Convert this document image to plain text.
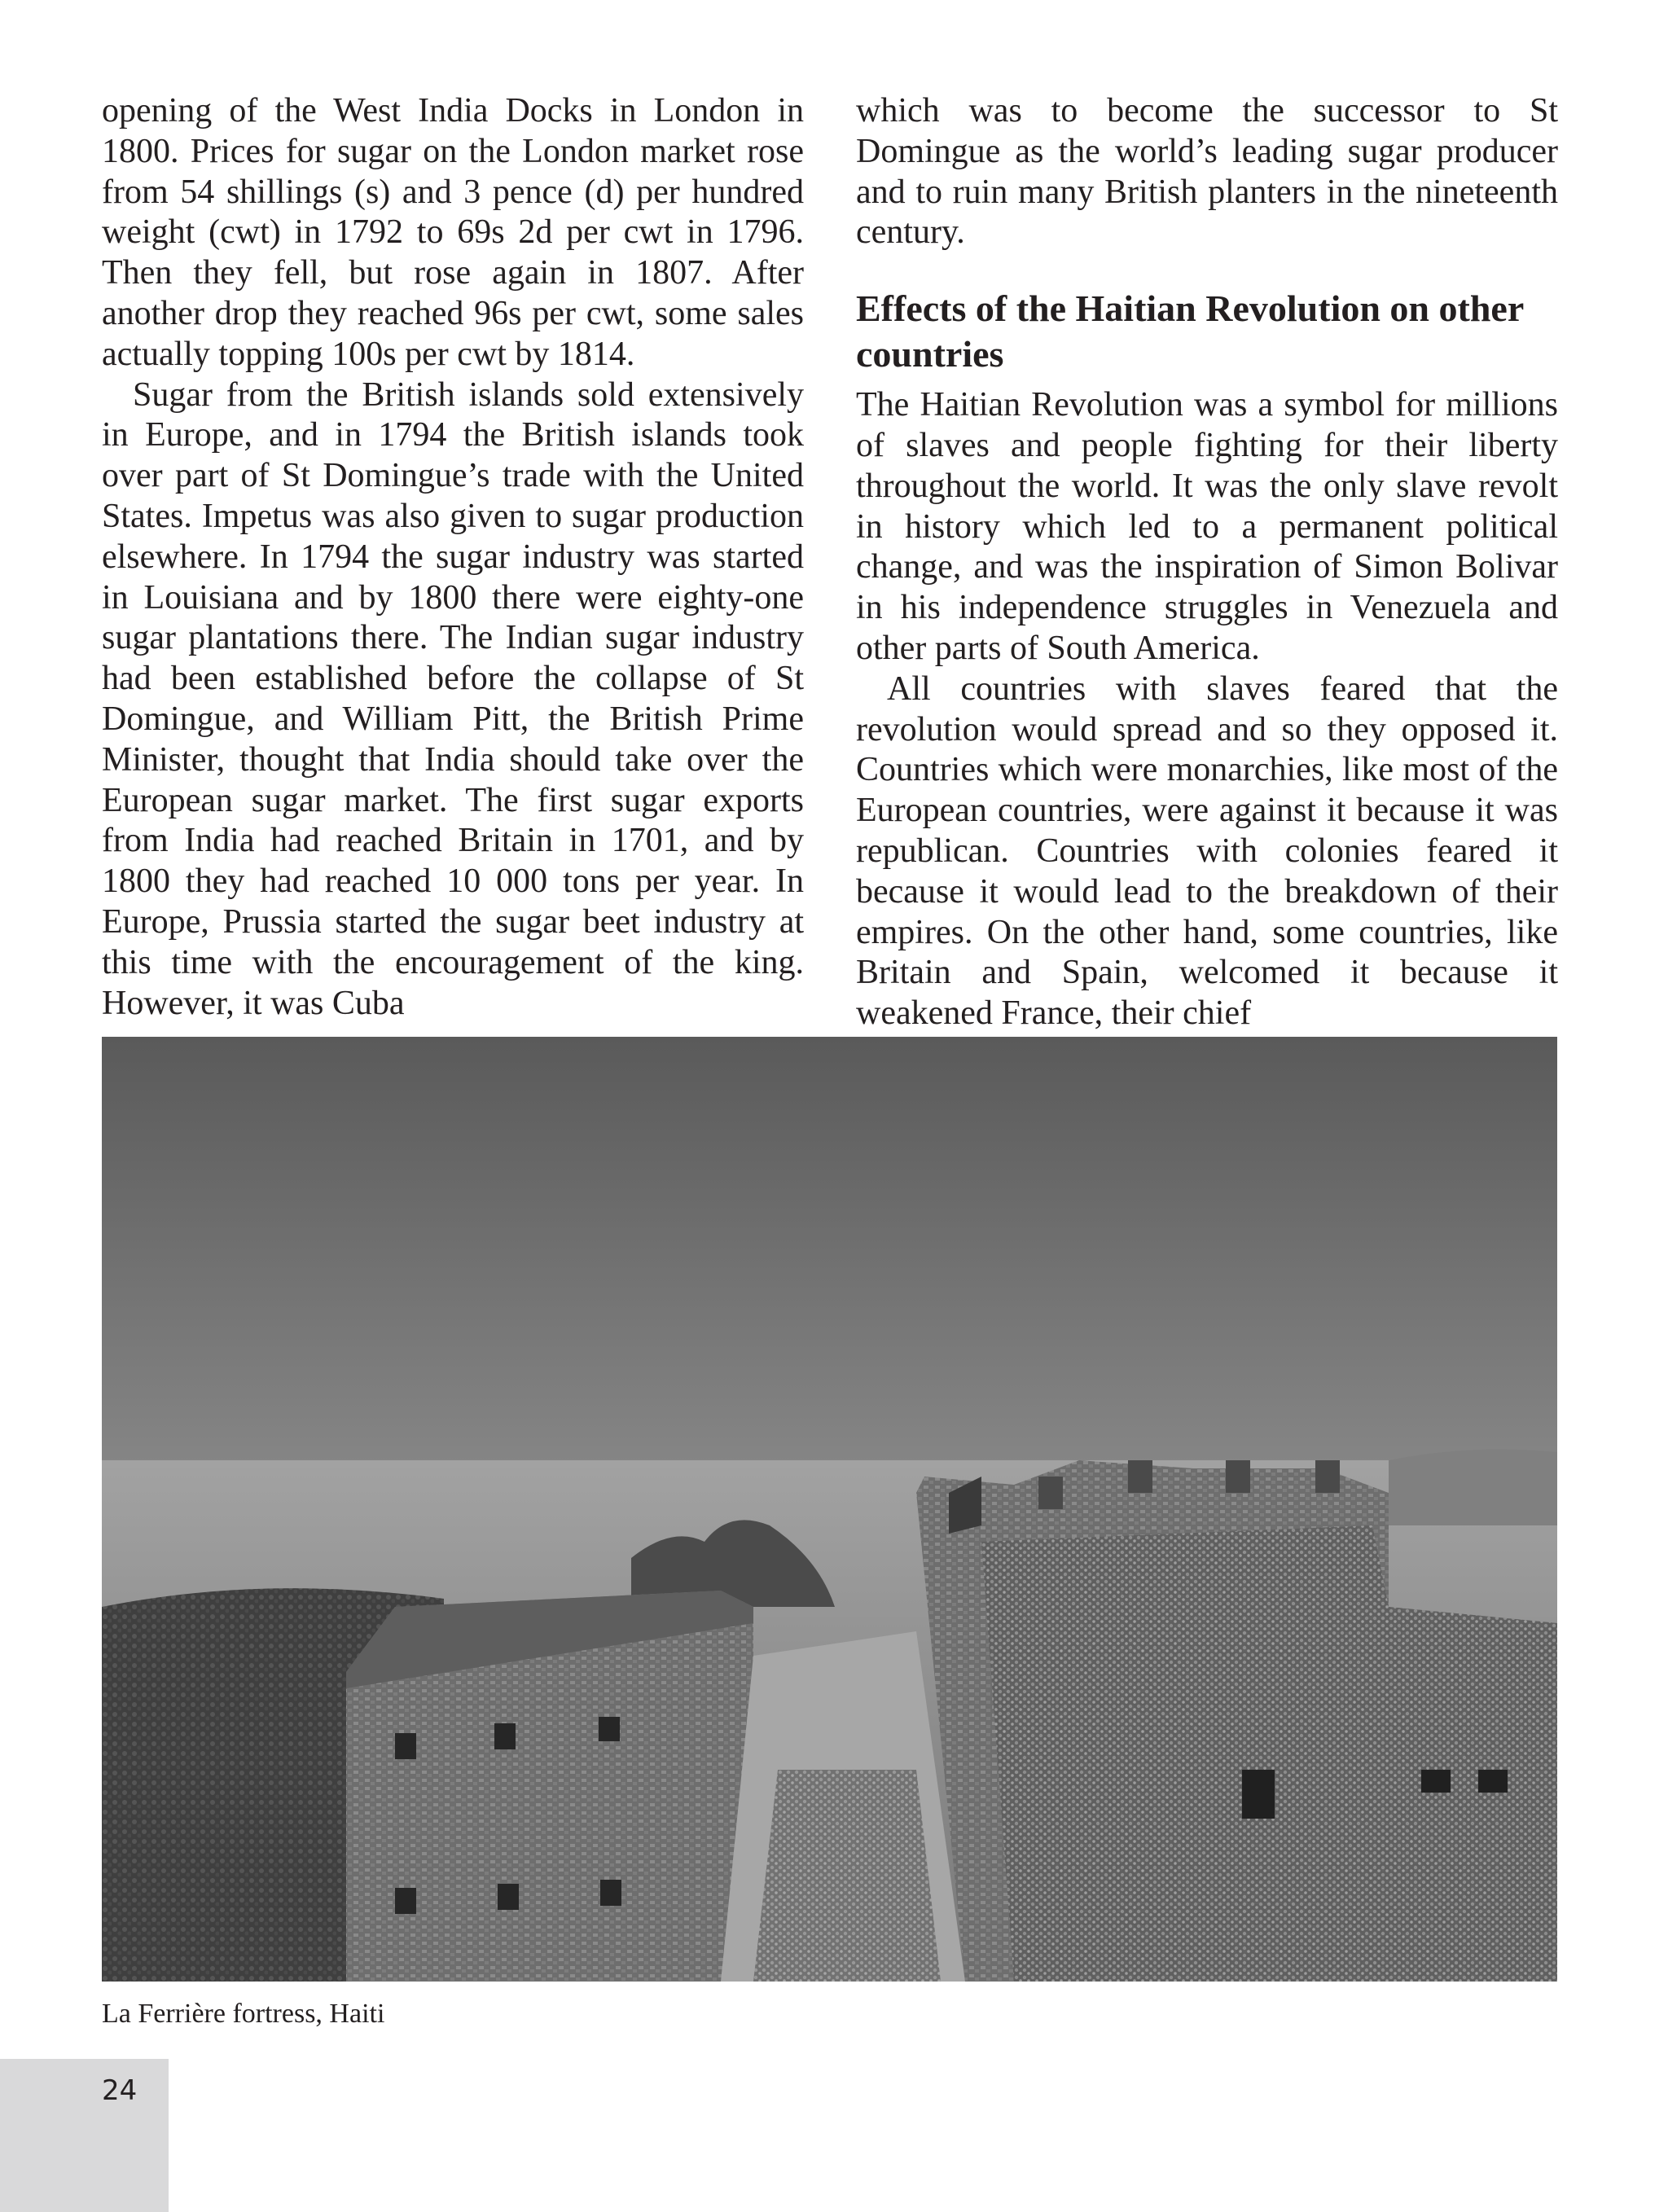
opening of the West India Docks in London in 1800. Prices for sugar on the London market rose from 54 shillings (s) and 3 pence (d) per hundred weight (cwt) in 1792 to 69s 2d per cwt in 1796. Then they fell, but rose again in 1807. After another drop they reached 96s per cwt, some sales actually topping 100s per cwt by 1814.

Sugar from the British islands sold extensively in Europe, and in 1794 the British islands took over part of St Domingue’s trade with the United States. Impetus was also given to sugar production elsewhere. In 1794 the sugar industry was started in Louisiana and by 1800 there were eighty-one sugar plantations there. The Indian sugar industry had been established before the collapse of St Domingue, and William Pitt, the British Prime Minister, thought that India should take over the European sugar market. The first sugar exports from India had reached Britain in 1701, and by 1800 they had reached 10 000 tons per year. In Europe, Prussia started the sugar beet industry at this time with the encouragement of the king. However, it was Cuba

which was to become the successor to St Domingue as the world’s leading sugar producer and to ruin many British planters in the nineteenth century.

Effects of the Haitian Revolution on other countries

The Haitian Revolution was a symbol for millions of slaves and people fighting for their liberty throughout the world. It was the only slave revolt in history which led to a permanent political change, and was the inspiration of Simon Bolivar in his independence struggles in Venezuela and other parts of South America.

All countries with slaves feared that the revolution would spread and so they opposed it. Countries which were monarchies, like most of the European countries, were against it because it was republican. Countries with colonies feared it because it would lead to the breakdown of their empires. On the other hand, some countries, like Britain and Spain, welcomed it because it weakened France, their chief

La Ferrière fortress, Haiti
24
